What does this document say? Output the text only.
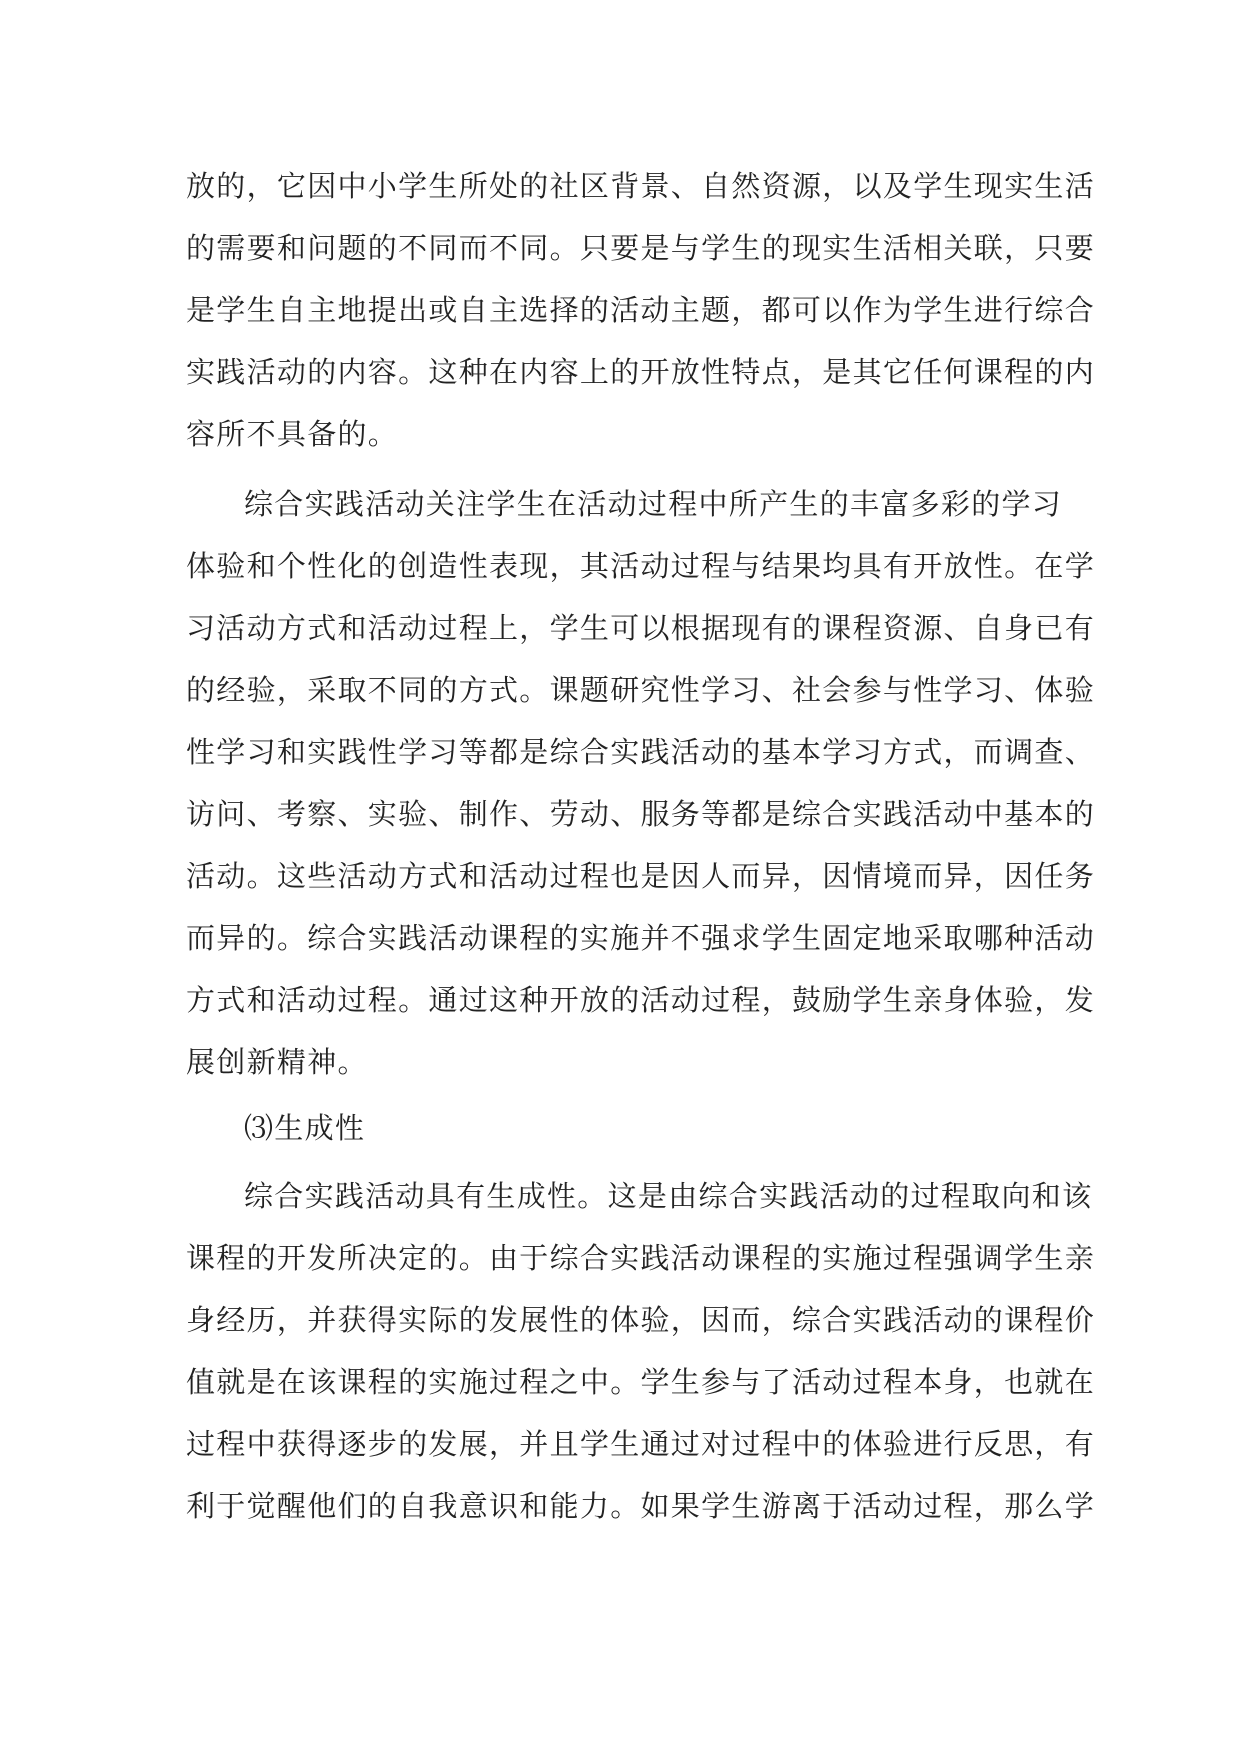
放的，它因中小学生所处的社区背景、自然资源，以及学生现实生活
的需要和问题的不同而不同。只要是与学生的现实生活相关联，只要
是学生自主地提出或自主选择的活动主题，都可以作为学生进行综合
实践活动的内容。这种在内容上的开放性特点，是其它任何课程的内
容所不具备的。
综合实践活动关注学生在活动过程中所产生的丰富多彩的学习
体验和个性化的创造性表现，其活动过程与结果均具有开放性。在学
习活动方式和活动过程上，学生可以根据现有的课程资源、自身已有
的经验，采取不同的方式。课题研究性学习、社会参与性学习、体验
性学习和实践性学习等都是综合实践活动的基本学习方式，而调查、
访问、考察、实验、制作、劳动、服务等都是综合实践活动中基本的
活动。这些活动方式和活动过程也是因人而异，因情境而异，因任务
而异的。综合实践活动课程的实施并不强求学生固定地采取哪种活动
方式和活动过程。通过这种开放的活动过程，鼓励学生亲身体验，发
展创新精神。
⑶生成性
综合实践活动具有生成性。这是由综合实践活动的过程取向和该
课程的开发所决定的。由于综合实践活动课程的实施过程强调学生亲
身经历，并获得实际的发展性的体验，因而，综合实践活动的课程价
值就是在该课程的实施过程之中。学生参与了活动过程本身，也就在
过程中获得逐步的发展，并且学生通过对过程中的体验进行反思，有
利于觉醒他们的自我意识和能力。如果学生游离于活动过程，那么学
